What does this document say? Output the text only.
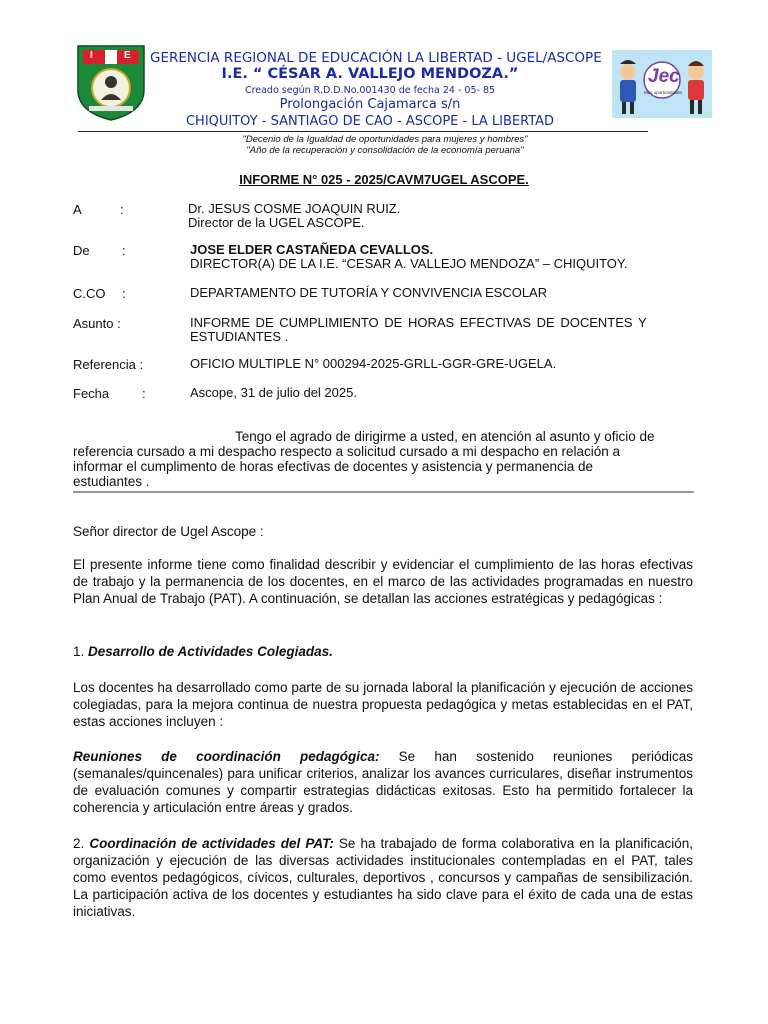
I	E
Jec
Más oportunidades
GERENCIA REGIONAL DE EDUCACIÓN LA LIBERTAD - UGEL/ASCOPE
I.E. “ CÉSAR A. VALLEJO MENDOZA.”
Creado según R.D.D.No.001430 de fecha 24 - 05- 85
Prolongación Cajamarca s/n
CHIQUITOY - SANTIAGO DE CAO - ASCOPE - LA LIBERTAD
"Decenio de la Igualdad de oportunidades para mujeres y hombres"
"Año de la recuperación y consolidación de la economía peruana"
INFORME N° 025 - 2025/CAVM7UGEL ASCOPE.
A	:	Dr. JESUS COSME JOAQUIN RUIZ.
Director de la UGEL ASCOPE.
De :	JOSE ELDER CASTAÑEDA CEVALLOS.
DIRECTOR(A) DE LA I.E. “CESAR A. VALLEJO MENDOZA” – CHIQUITOY.
C.CO :	DEPARTAMENTO DE TUTORÍA Y CONVIVENCIA ESCOLAR
Asunto :	INFORME DE CUMPLIMIENTO DE HORAS EFECTIVAS DE DOCENTES Y
ESTUDIANTES .
Referencia :	OFICIO MULTIPLE N° 000294-2025-GRLL-GGR-GRE-UGELA.
Fecha	:	Ascope, 31 de julio del 2025.
Tengo el agrado de dirigirme a usted, en atención al asunto y oficio de
referencia cursado a mi despacho respecto a solicitud cursado a mi despacho en relación a
informar el cumplimento de horas efectivas de docentes y asistencia y permanencia de
estudiantes .
Señor director de Ugel Ascope :
El presente informe tiene como finalidad describir y evidenciar el cumplimiento de las horas efectivas de trabajo y la permanencia de los docentes, en el marco de las actividades programadas en nuestro Plan Anual de Trabajo (PAT). A continuación, se detallan las acciones estratégicas y pedagógicas :
1. Desarrollo de Actividades Colegiadas.
Los docentes ha desarrollado como parte de su jornada laboral la planificación y ejecución de acciones colegiadas, para la mejora continua de nuestra propuesta pedagógica y metas establecidas en el PAT, estas acciones incluyen :
Reuniones de coordinación pedagógica: Se han sostenido reuniones periódicas (semanales/quincenales) para unificar criterios, analizar los avances curriculares, diseñar instrumentos de evaluación comunes y compartir estrategias didácticas exitosas. Esto ha permitido fortalecer la coherencia y articulación entre áreas y grados.
2. Coordinación de actividades del PAT: Se ha trabajado de forma colaborativa en la planificación, organización y ejecución de las diversas actividades institucionales contempladas en el PAT, tales como eventos pedagógicos, cívicos, culturales, deportivos , concursos y campañas de sensibilización. La participación activa de los docentes y estudiantes ha sido clave para el éxito de cada una de estas iniciativas.
